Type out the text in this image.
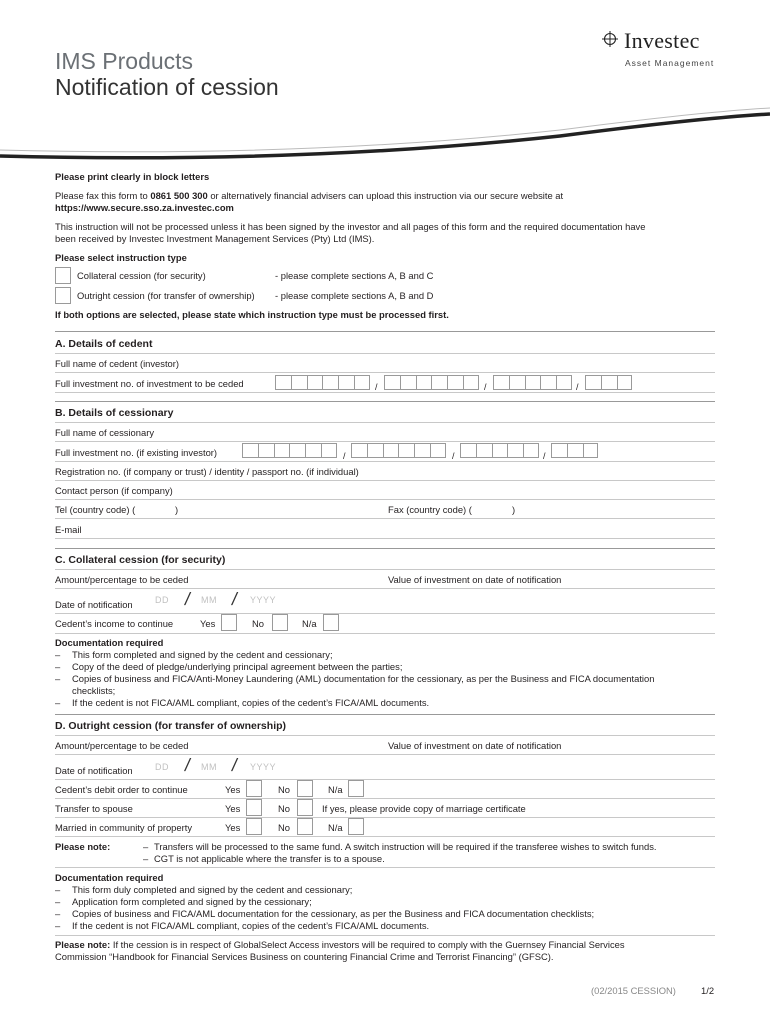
IMS Products
Notification of cession
Investec
Asset Management
Please print clearly in block letters
Please fax this form to 0861 500 300 or alternatively financial advisers can upload this instruction via our secure website at
https://www.secure.sso.za.investec.com
This instruction will not be processed unless it has been signed by the investor and all pages of this form and the required documentation have
been received by Investec Investment Management Services (Pty) Ltd (IMS).
Please select instruction type
Collateral cession (for security)	- please complete sections A, B and C
Outright cession (for transfer of ownership) - please complete sections A, B and D
If both options are selected, please state which instruction type must be processed first.
A. Details of cedent
Full name of cedent (investor)
Full investment no. of investment to be ceded	/	/	/
B. Details of cessionary
Full name of cessionary
Full investment no. (if existing investor)	/	/	/
Registration no. (if company or trust) / identity / passport no. (if individual)
Contact person (if company)
Tel (country code) (	)	Fax (country code) (	)
E-mail
C. Collateral cession (for security)
Amount/percentage to be ceded	Value of investment on date of notification
Date of notification DD / MM / YYYY
Cedent’s income to continue	Yes	No	N/a
Documentation required
– This form completed and signed by the cedent and cessionary;
– Copy of the deed of pledge/underlying principal agreement between the parties;
– Copies of business and FICA/Anti-Money Laundering (AML) documentation for the cessionary, as per the Business and FICA documentation
checklists;
– If the cedent is not FICA/AML compliant, copies of the cedent’s FICA/AML documents.
D. Outright cession (for transfer of ownership)
Amount/percentage to be ceded	Value of investment on date of notification
Date of notification DD / MM / YYYY
Cedent’s debit order to continue	Yes	No	N/a
Transfer to spouse	Yes	No	If yes, please provide copy of marriage certificate
Married in community of property	Yes	No	N/a
Please note:	– Transfers will be processed to the same fund. A switch instruction will be required if the transferee wishes to switch funds.
– CGT is not applicable where the transfer is to a spouse.
Documentation required
– This form duly completed and signed by the cedent and cessionary;
– Application form completed and signed by the cessionary;
– Copies of business and FICA/AML documentation for the cessionary, as per the Business and FICA documentation checklists;
– If the cedent is not FICA/AML compliant, copies of the cedent’s FICA/AML documents.
Please note: If the cession is in respect of GlobalSelect Access investors will be required to comply with the Guernsey Financial Services
Commission “Handbook for Financial Services Business on countering Financial Crime and Terrorist Financing” (GFSC).
(02/2015 CESSION)	1/2
